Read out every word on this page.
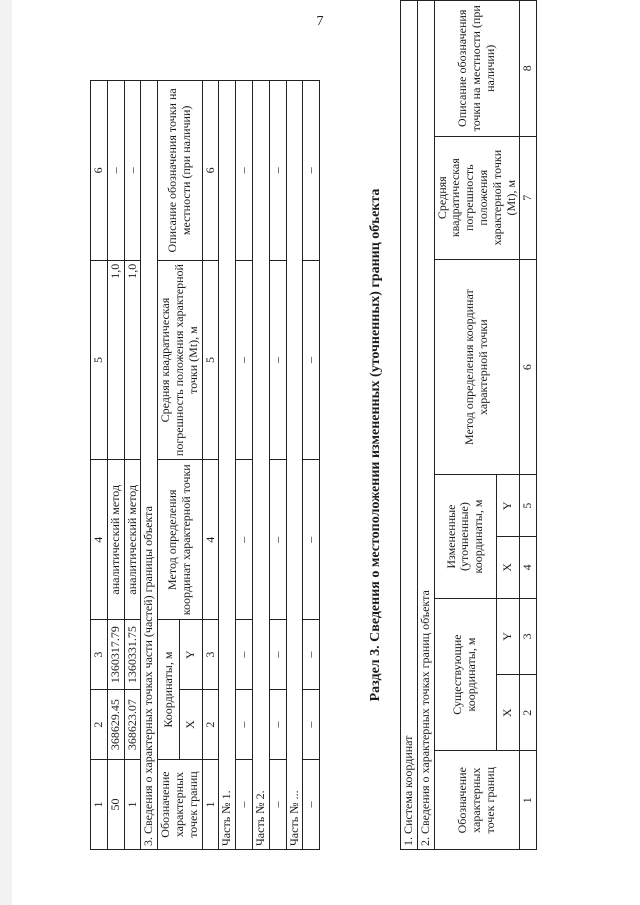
7
1	2	3	4	5	6
50	368629.45	1360317.79	аналитический метод	1,0	–
1	368623.07	1360331.75	аналитический метод	1,0	–
3. Сведения о характерных точках части (частей) границы объекта					
Обозначение характерных точек границ	Координаты, м		Метод определения координат характерной точки	Средняя квадратическая погрешность положения характерной точки (Mt), м	Описание обозначения точки на местности (при наличии)
	X	Y			
1	2	3	4	5	6
Часть № 1.					
–	–	–	–	–	–
Часть № 2.					
–	–	–	–	–	–
Часть № ...					
–	–	–	–	–	–
Раздел 3. Сведения о местоположении измененных (уточненных) границ объекта
1. Система координат							
2. Сведения о характерных точках границ объекта							
Обозначение характерных точек границ	Существующие координаты, м		Измененные (уточненные) координаты, м		Метод определения координат характерной точки	Средняя квадратическая погрешность положения характерной точки (Mt), м	Описание обозначения точки на местности (при наличии)
	X	Y	X	Y			
1	2	3	4	5	6	7	8
